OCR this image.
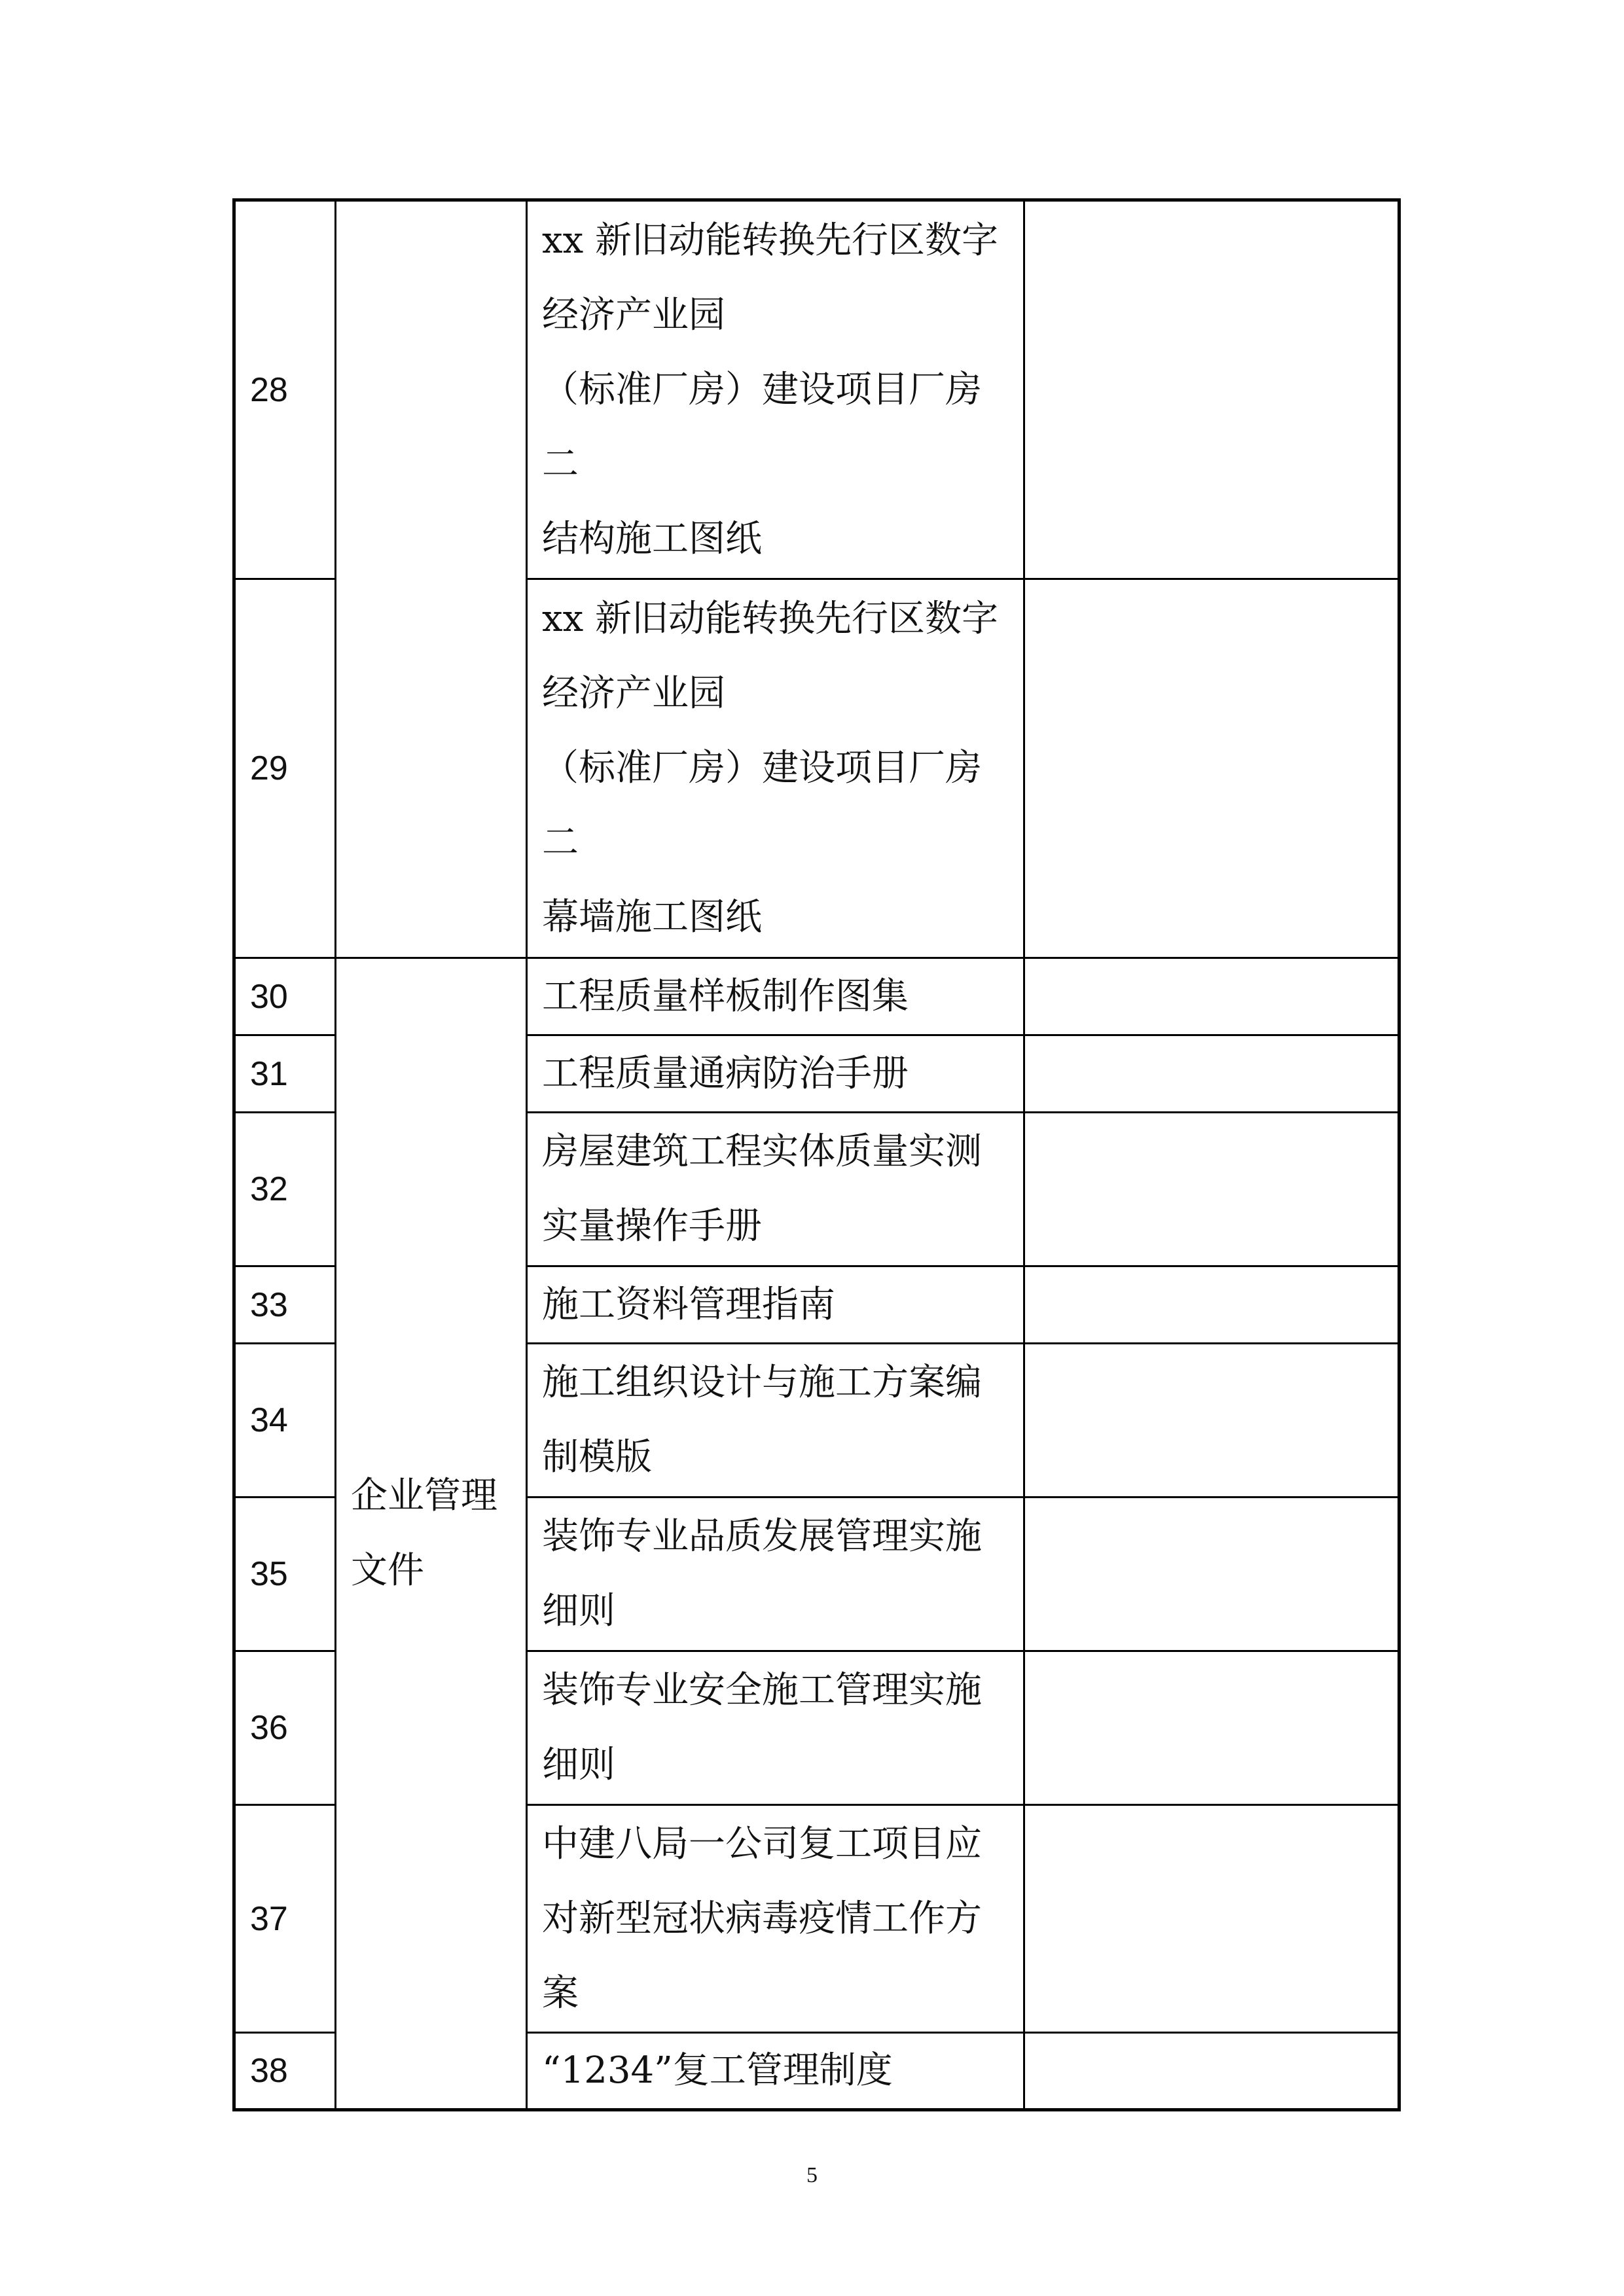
28		xx 新旧动能转换先行区数字
经济产业园
（标准厂房）建设项目厂房
二
结构施工图纸	
29		xx 新旧动能转换先行区数字
经济产业园
（标准厂房）建设项目厂房
二
幕墙施工图纸	
30	企业管理
文件	工程质量样板制作图集	
31		工程质量通病防治手册	
32		房屋建筑工程实体质量实测
实量操作手册	
33		施工资料管理指南	
34		施工组织设计与施工方案编
制模版	
35		装饰专业品质发展管理实施
细则	
36		装饰专业安全施工管理实施
细则	
37		中建八局一公司复工项目应
对新型冠状病毒疫情工作方
案	
38		“1234”复工管理制度	
5
